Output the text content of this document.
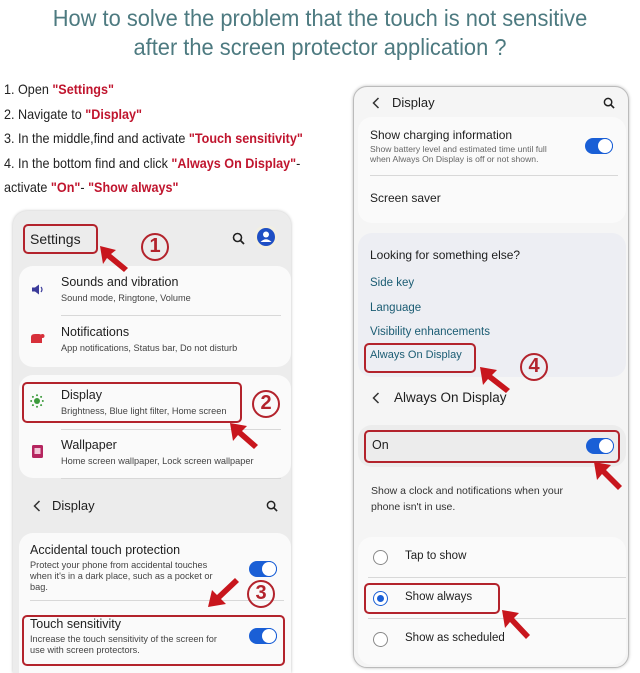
How to solve the problem that the touch is not sensitive
after the screen protector application ?
1. Open "Settings"
2. Navigate to "Display"
3. In the middle,find and activate "Touch sensitivity"
4. In the bottom find and click "Always On Display"-
activate "On"- "Show always"
Settings
Sounds and vibration
Sound mode, Ringtone, Volume
Notifications
App notifications, Status bar, Do not disturb
Display
Brightness, Blue light filter, Home screen
Wallpaper
Home screen wallpaper, Lock screen wallpaper
Display
Accidental touch protection
Protect your phone from accidental touches
when it's in a dark place, such as a pocket or
bag.
Touch sensitivity
Increase the touch sensitivity of the screen for
use with screen protectors.
1
2
3
Display
Show charging information
Show battery level and estimated time until full
when Always On Display is off or not shown.
Screen saver
Looking for something else?
Side key
Language
Visibility enhancements
Always On Display
Always On Display
On
Show a clock and notifications when your
phone isn't in use.
Tap to show
Show always
Show as scheduled
4
